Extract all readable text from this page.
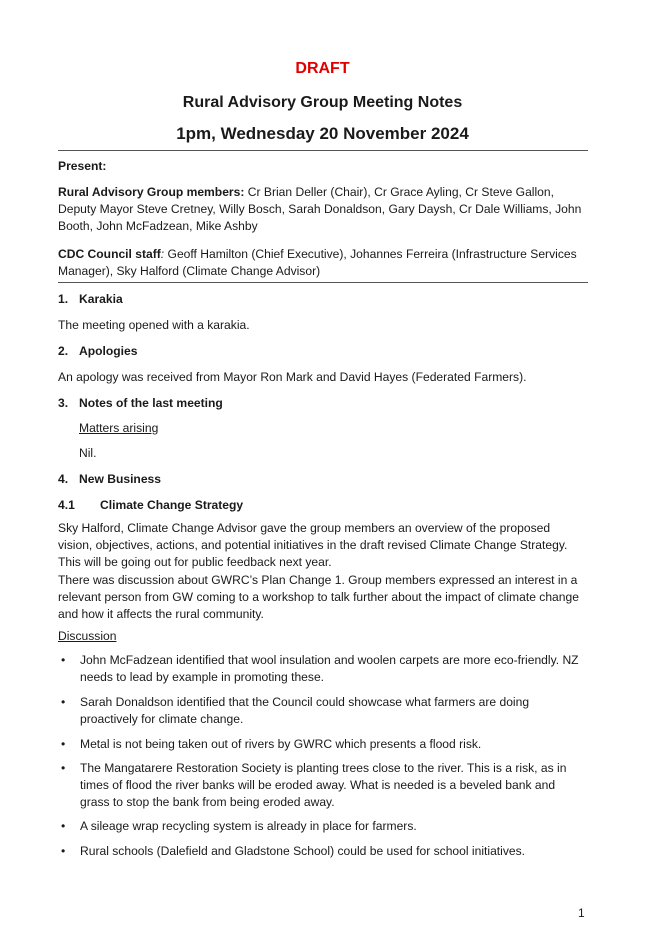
DRAFT
Rural Advisory Group Meeting Notes
1pm, Wednesday 20 November 2024

Present:

Rural Advisory Group members: Cr Brian Deller (Chair), Cr Grace Ayling, Cr Steve Gallon, Deputy Mayor Steve Cretney, Willy Bosch, Sarah Donaldson, Gary Daysh, Cr Dale Williams, John Booth, John McFadzean, Mike Ashby

CDC Council staff: Geoff Hamilton (Chief Executive), Johannes Ferreira (Infrastructure Services Manager), Sky Halford (Climate Change Advisor)

1. Karakia

The meeting opened with a karakia.

2. Apologies

An apology was received from Mayor Ron Mark and David Hayes (Federated Farmers).

3. Notes of the last meeting

Matters arising

Nil.

4. New Business

4.1 Climate Change Strategy

Sky Halford, Climate Change Advisor gave the group members an overview of the proposed vision, objectives, actions, and potential initiatives in the draft revised Climate Change Strategy. This will be going out for public feedback next year.

There was discussion about GWRC’s Plan Change 1. Group members expressed an interest in a relevant person from GW coming to a workshop to talk further about the impact of climate change and how it affects the rural community.

Discussion

• John McFadzean identified that wool insulation and woolen carpets are more eco-friendly. NZ needs to lead by example in promoting these.
• Sarah Donaldson identified that the Council could showcase what farmers are doing proactively for climate change.
• Metal is not being taken out of rivers by GWRC which presents a flood risk.
• The Mangatarere Restoration Society is planting trees close to the river. This is a risk, as in times of flood the river banks will be eroded away. What is needed is a beveled bank and grass to stop the bank from being eroded away.
• A sileage wrap recycling system is already in place for farmers.
• Rural schools (Dalefield and Gladstone School) could be used for school initiatives.
1
